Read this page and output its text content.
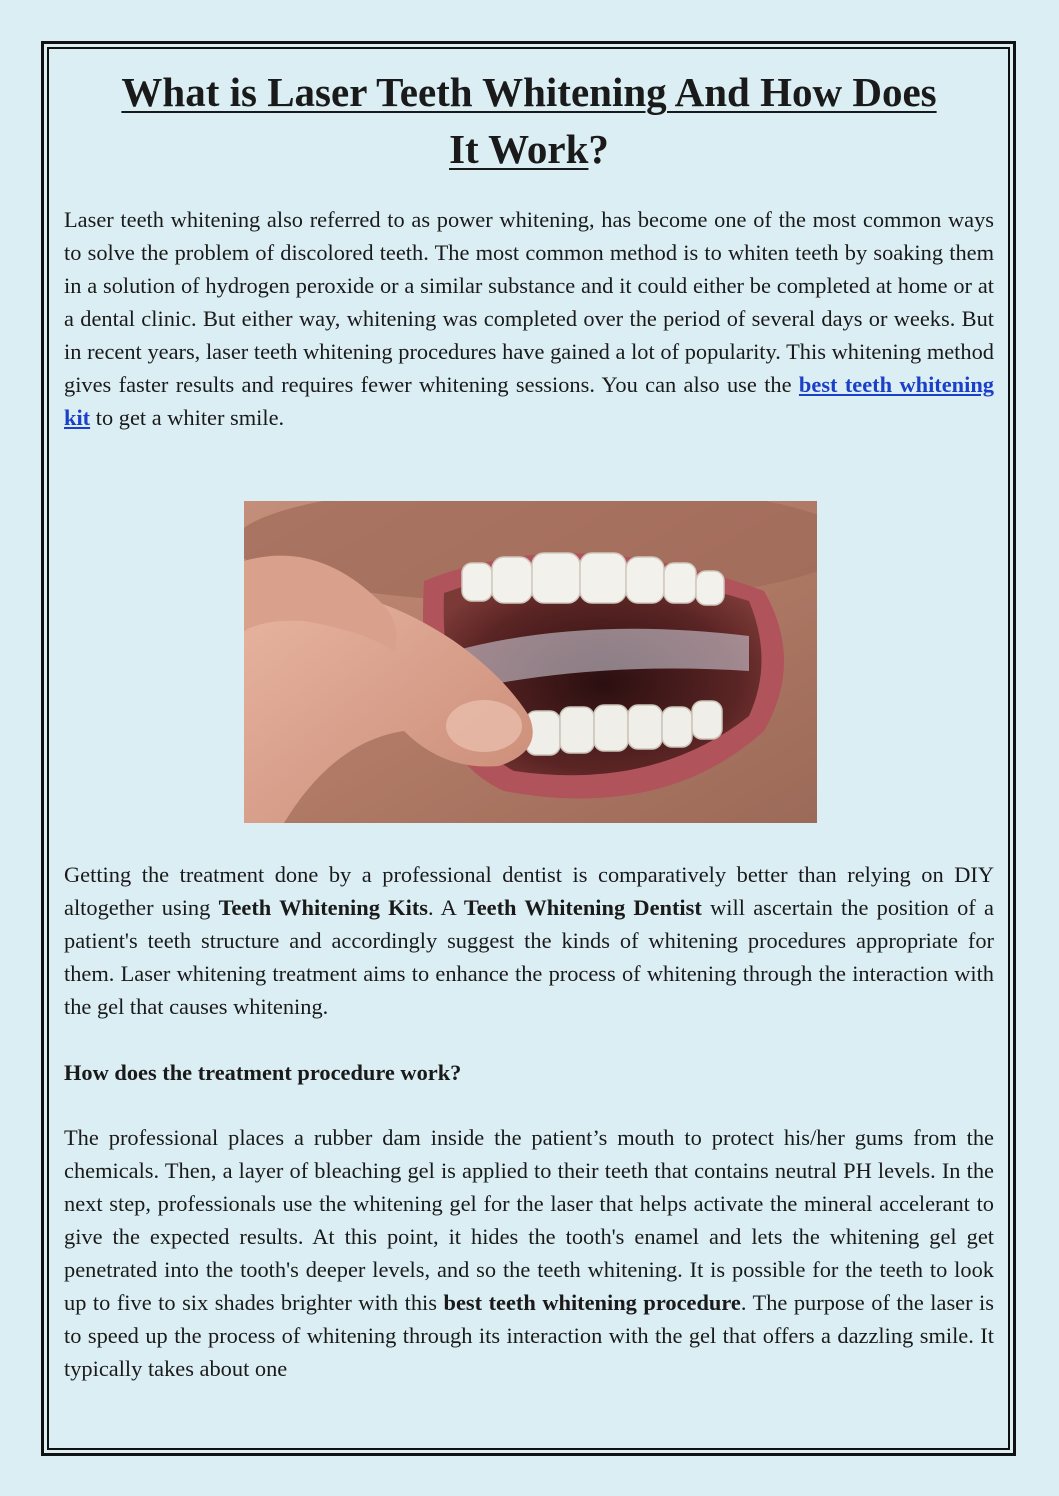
What is Laser Teeth Whitening And How Does
It Work?

Laser teeth whitening also referred to as power whitening, has become one of the most common ways to solve the problem of discolored teeth. The most common method is to whiten teeth by soaking them in a solution of hydrogen peroxide or a similar substance and it could either be completed at home or at a dental clinic. But either way, whitening was completed over the period of several days or weeks. But in recent years, laser teeth whitening procedures have gained a lot of popularity. This whitening method gives faster results and requires fewer whitening sessions. You can also use the best teeth whitening kit to get a whiter smile.

Getting the treatment done by a professional dentist is comparatively better than relying on DIY altogether using Teeth Whitening Kits. A Teeth Whitening Dentist will ascertain the position of a patient's teeth structure and accordingly suggest the kinds of whitening procedures appropriate for them. Laser whitening treatment aims to enhance the process of whitening through the interaction with the gel that causes whitening.

How does the treatment procedure work?

The professional places a rubber dam inside the patient’s mouth to protect his/her gums from the chemicals. Then, a layer of bleaching gel is applied to their teeth that contains neutral PH levels. In the next step, professionals use the whitening gel for the laser that helps activate the mineral accelerant to give the expected results. At this point, it hides the tooth's enamel and lets the whitening gel get penetrated into the tooth's deeper levels, and so the teeth whitening. It is possible for the teeth to look up to five to six shades brighter with this best teeth whitening procedure. The purpose of the laser is to speed up the process of whitening through its interaction with the gel that offers a dazzling smile. It typically takes about one
